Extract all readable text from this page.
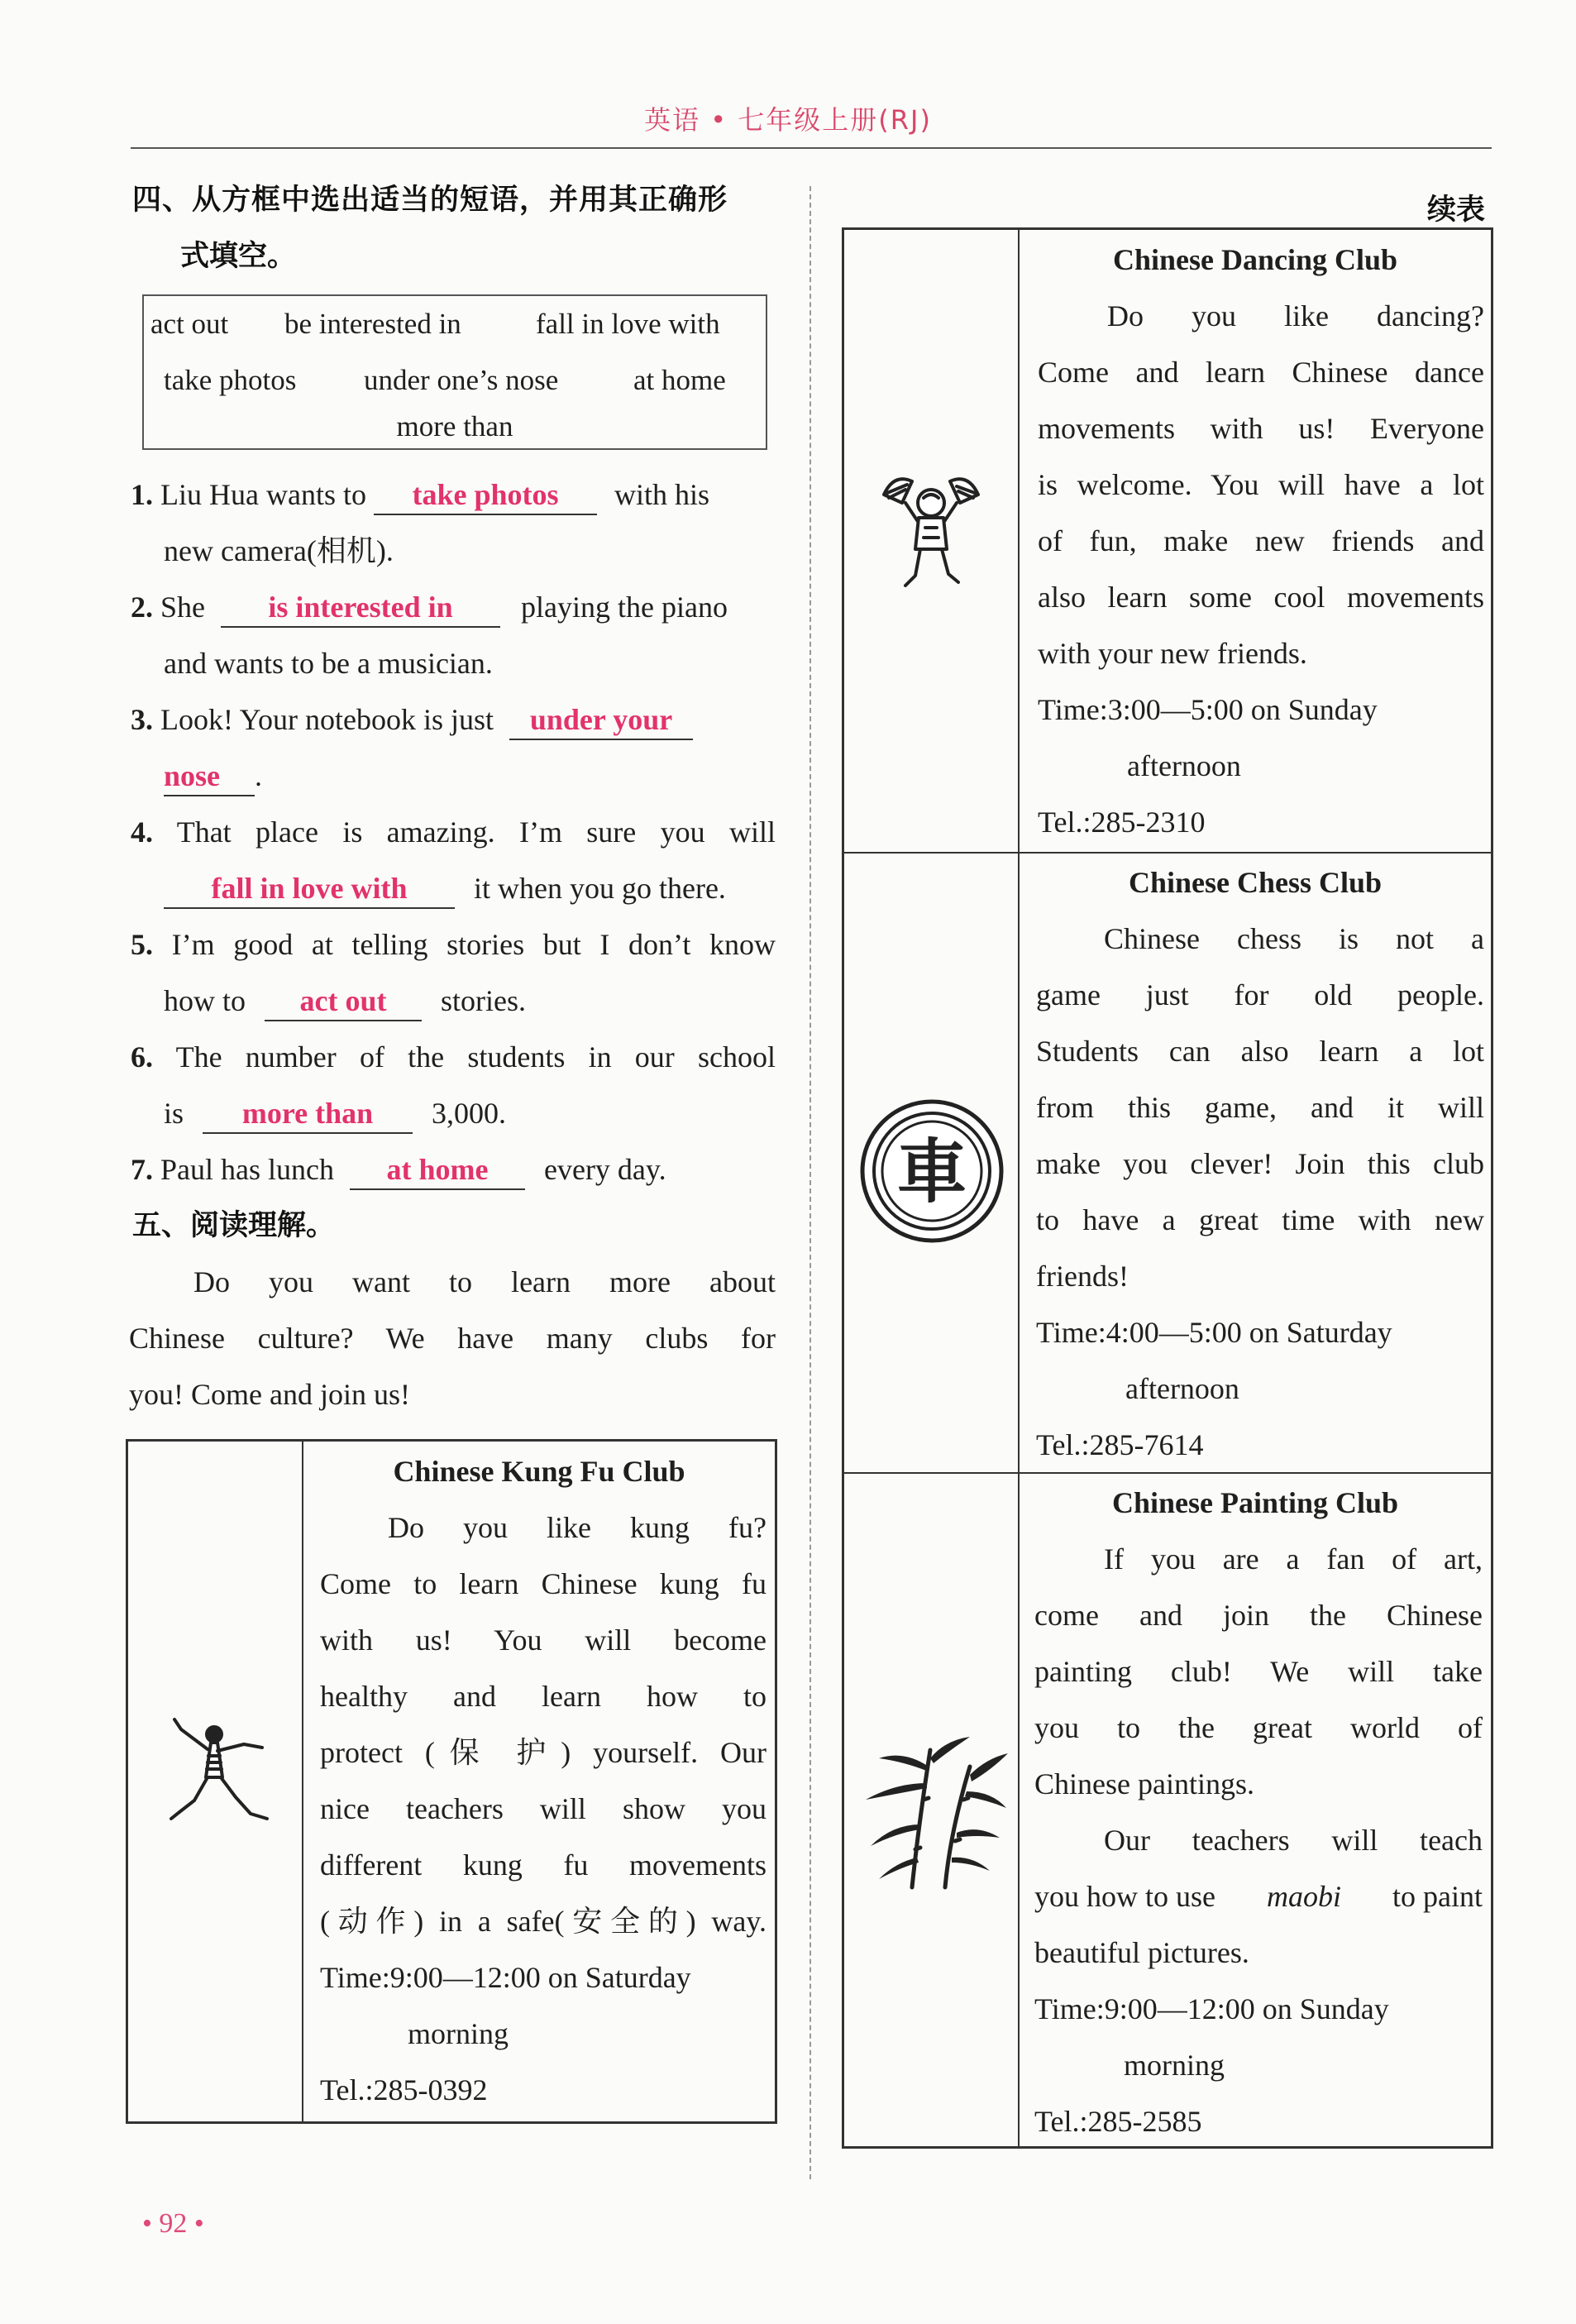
英语 • 七年级上册(RJ)
四、从方框中选出适当的短语，并用其正确形
式填空。
act out be interested in	fall in love with
take photos under one’s nose	at home
more than
1. Liu Hua wants to take photos with his
new camera(相机).
2. She is interested in playing the piano
and wants to be a musician.
3. Look! Your notebook is just under your
nose .
4. That place is amazing. I’m sure you will
fall in love with it when you go there.
5. I’m good at telling stories but I don’t know
how to act out stories.
6. The number of the students in our school
is more than 3,000.
7. Paul has lunch at home every day.
五、阅读理解。
Do you want to learn more about
Chinese culture? We have many clubs for
you! Come and join us!
Chinese Kung Fu Club
Do you like kung fu?
Come to learn Chinese kung fu
with us! You will become
healthy and learn how to
protect (保 护) yourself. Our
nice teachers will show you
different kung fu movements
(动作) in a safe(安全的) way.
Time:9:00—12:00 on Saturday
morning
Tel.:285-0392
续表
Chinese Dancing Club
Do you like dancing?
Come and learn Chinese dance
movements with us! Everyone
is welcome. You will have a lot
of fun, make new friends and
also learn some cool movements
with your new friends.
Time:3:00—5:00 on Sunday
afternoon
Tel.:285-2310
車
Chinese Chess Club
Chinese chess is not a
game just for old people.
Students can also learn a lot
from this game, and it will
make you clever! Join this club
to have a great time with new
friends!
Time:4:00—5:00 on Saturday
afternoon
Tel.:285-7614
Chinese Painting Club
If you are a fan of art,
come and join the Chinese
painting club! We will take
you to the great world of
Chinese paintings.
Our teachers will teach
you how to use maobi to paint
beautiful pictures.
Time:9:00—12:00 on Sunday
morning
Tel.:285-2585
• 92 •
